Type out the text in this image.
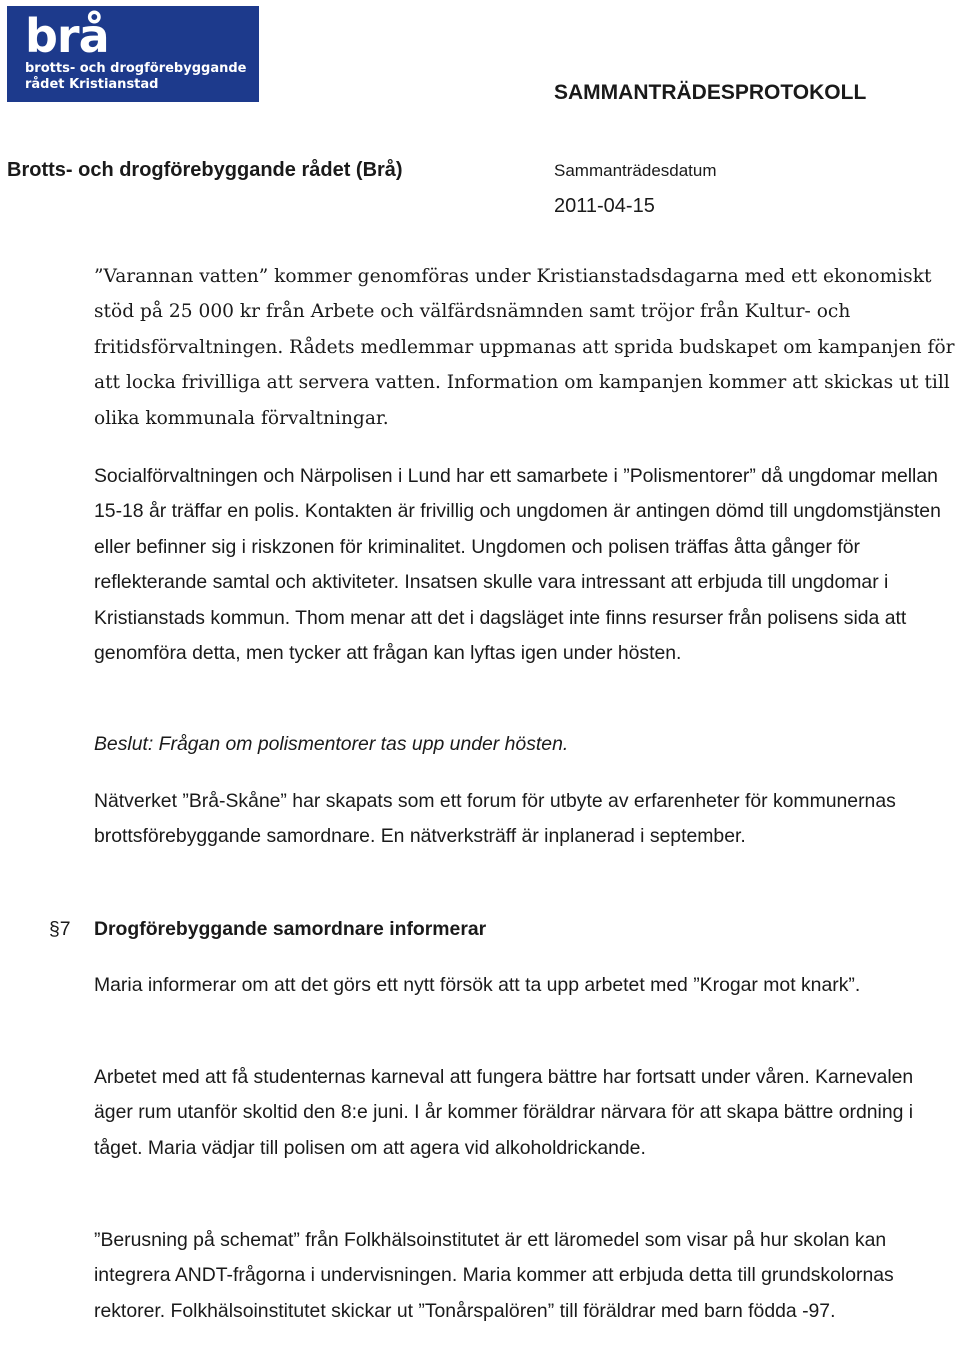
brå
brotts- och drogförebyggande
rådet Kristianstad	SAMMANTRÄDESPROTOKOLL
Brotts- och drogförebyggande rådet (Brå)	Sammanträdesdatum
2011-04-15

”Varannan vatten” kommer genomföras under Kristianstadsdagarna med ett ekonomiskt stöd på 25 000 kr från Arbete och välfärdsnämnden samt tröjor från Kultur- och fritidsförvaltningen. Rådets medlemmar uppmanas att sprida budskapet om kampanjen för att locka frivilliga att servera vatten. Information om kampanjen kommer att skickas ut till olika kommunala förvaltningar.

Socialförvaltningen och Närpolisen i Lund har ett samarbete i ”Polismentorer” då ungdomar mellan 15-18 år träffar en polis. Kontakten är frivillig och ungdomen är antingen dömd till ungdomstjänsten eller befinner sig i riskzonen för kriminalitet. Ungdomen och polisen träffas åtta gånger för reflekterande samtal och aktiviteter. Insatsen skulle vara intressant att erbjuda till ungdomar i Kristianstads kommun. Thom menar att det i dagsläget inte finns resurser från polisens sida att genomföra detta, men tycker att frågan kan lyftas igen under hösten.

Beslut: Frågan om polismentorer tas upp under hösten.

Nätverket ”Brå-Skåne” har skapats som ett forum för utbyte av erfarenheter för kommunernas brottsförebyggande samordnare. En nätverksträff är inplanerad i september.

§7 Drogförebyggande samordnare informerar

Maria informerar om att det görs ett nytt försök att ta upp arbetet med ”Krogar mot knark”.

Arbetet med att få studenternas karneval att fungera bättre har fortsatt under våren. Karnevalen äger rum utanför skoltid den 8:e juni. I år kommer föräldrar närvara för att skapa bättre ordning i tåget. Maria vädjar till polisen om att agera vid alkoholdrickande.

”Berusning på schemat” från Folkhälsoinstitutet är ett läromedel som visar på hur skolan kan integrera ANDT-frågorna i undervisningen. Maria kommer att erbjuda detta till grundskolornas rektorer. Folkhälsoinstitutet skickar ut ”Tonårspalören” till föräldrar med barn födda -97.
